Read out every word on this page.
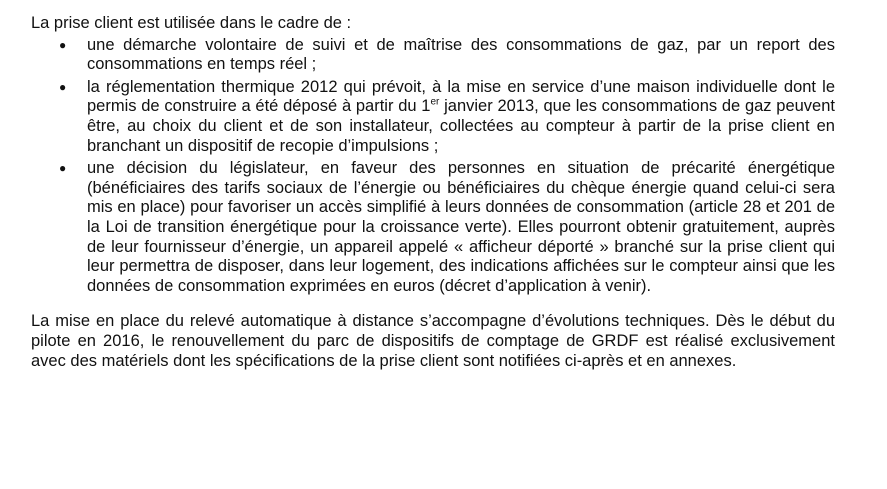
La prise client est utilisée dans le cadre de :

● une démarche volontaire de suivi et de maîtrise des consommations de gaz, par un report des consommations en temps réel ;
● la réglementation thermique 2012 qui prévoit, à la mise en service d’une maison individuelle dont le permis de construire a été déposé à partir du 1er janvier 2013, que les consommations de gaz peuvent être, au choix du client et de son installateur, collectées au compteur à partir de la prise client en branchant un dispositif de recopie d’impulsions ;
● une décision du législateur, en faveur des personnes en situation de précarité énergétique (bénéficiaires des tarifs sociaux de l’énergie ou bénéficiaires du chèque énergie quand celui-ci sera mis en place) pour favoriser un accès simplifié à leurs données de consommation (article 28 et 201 de la Loi de transition énergétique pour la croissance verte). Elles pourront obtenir gratuitement, auprès de leur fournisseur d’énergie, un appareil appelé « afficheur déporté » branché sur la prise client qui leur permettra de disposer, dans leur logement, des indications affichées sur le compteur ainsi que les données de consommation exprimées en euros (décret d’application à venir).

La mise en place du relevé automatique à distance s’accompagne d’évolutions techniques. Dès le début du pilote en 2016, le renouvellement du parc de dispositifs de comptage de GRDF est réalisé exclusivement avec des matériels dont les spécifications de la prise client sont notifiées ci-après et en annexes.
